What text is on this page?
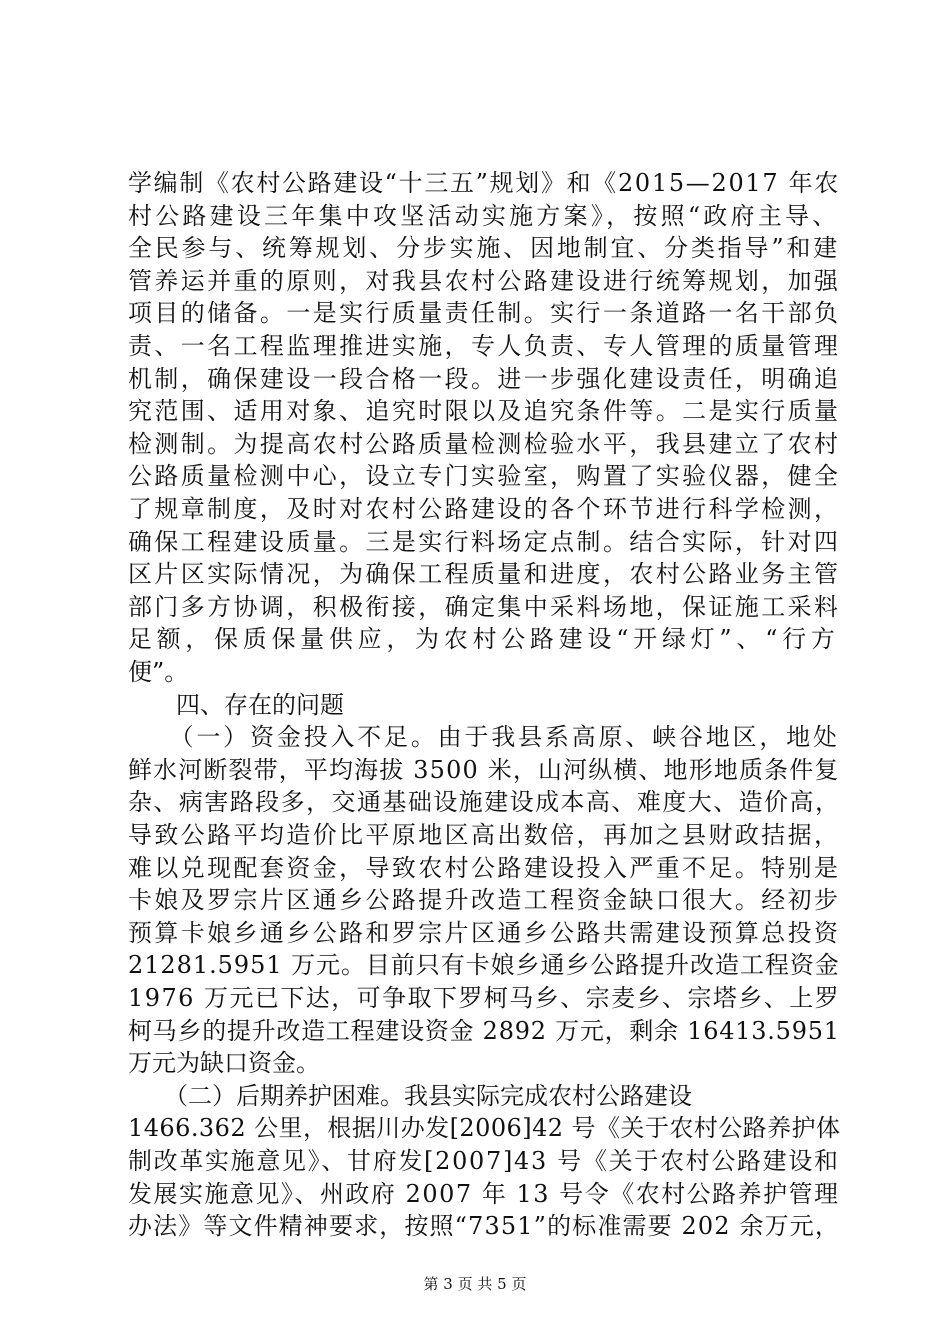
学编制《农村公路建设“十三五”规划》和《2015—2017 年农
村公路建设三年集中攻坚活动实施方案》，按照“政府主导、
全民参与、统筹规划、分步实施、因地制宜、分类指导”和建
管养运并重的原则，对我县农村公路建设进行统筹规划，加强
项目的储备。一是实行质量责任制。实行一条道路一名干部负
责、一名工程监理推进实施，专人负责、专人管理的质量管理
机制，确保建设一段合格一段。进一步强化建设责任，明确追
究范围、适用对象、追究时限以及追究条件等。二是实行质量
检测制。为提高农村公路质量检测检验水平，我县建立了农村
公路质量检测中心，设立专门实验室，购置了实验仪器，健全
了规章制度，及时对农村公路建设的各个环节进行科学检测，
确保工程建设质量。三是实行料场定点制。结合实际，针对四
区片区实际情况，为确保工程质量和进度，农村公路业务主管
部门多方协调，积极衔接，确定集中采料场地，保证施工采料
足额，保质保量供应，为农村公路建设“开绿灯”、“行方
便”。
　　四、存在的问题
　　（一）资金投入不足。由于我县系高原、峡谷地区，地处
鲜水河断裂带，平均海拔 3500 米，山河纵横、地形地质条件复
杂、病害路段多，交通基础设施建设成本高、难度大、造价高，
导致公路平均造价比平原地区高出数倍，再加之县财政拮据，
难以兑现配套资金，导致农村公路建设投入严重不足。特别是
卡娘及罗宗片区通乡公路提升改造工程资金缺口很大。经初步
预算卡娘乡通乡公路和罗宗片区通乡公路共需建设预算总投资
21281.5951 万元。目前只有卡娘乡通乡公路提升改造工程资金
1976 万元已下达，可争取下罗柯马乡、宗麦乡、宗塔乡、上罗
柯马乡的提升改造工程建设资金 2892 万元，剩余 16413.5951
万元为缺口资金。
　　（二）后期养护困难。我县实际完成农村公路建设
1466.362 公里，根据川办发[2006]42 号《关于农村公路养护体
制改革实施意见》、甘府发[2007]43 号《关于农村公路建设和
发展实施意见》、州政府 2007 年 13 号令《农村公路养护管理
办法》等文件精神要求，按照“7351”的标准需要 202 余万元，
第 3 页 共 5 页
